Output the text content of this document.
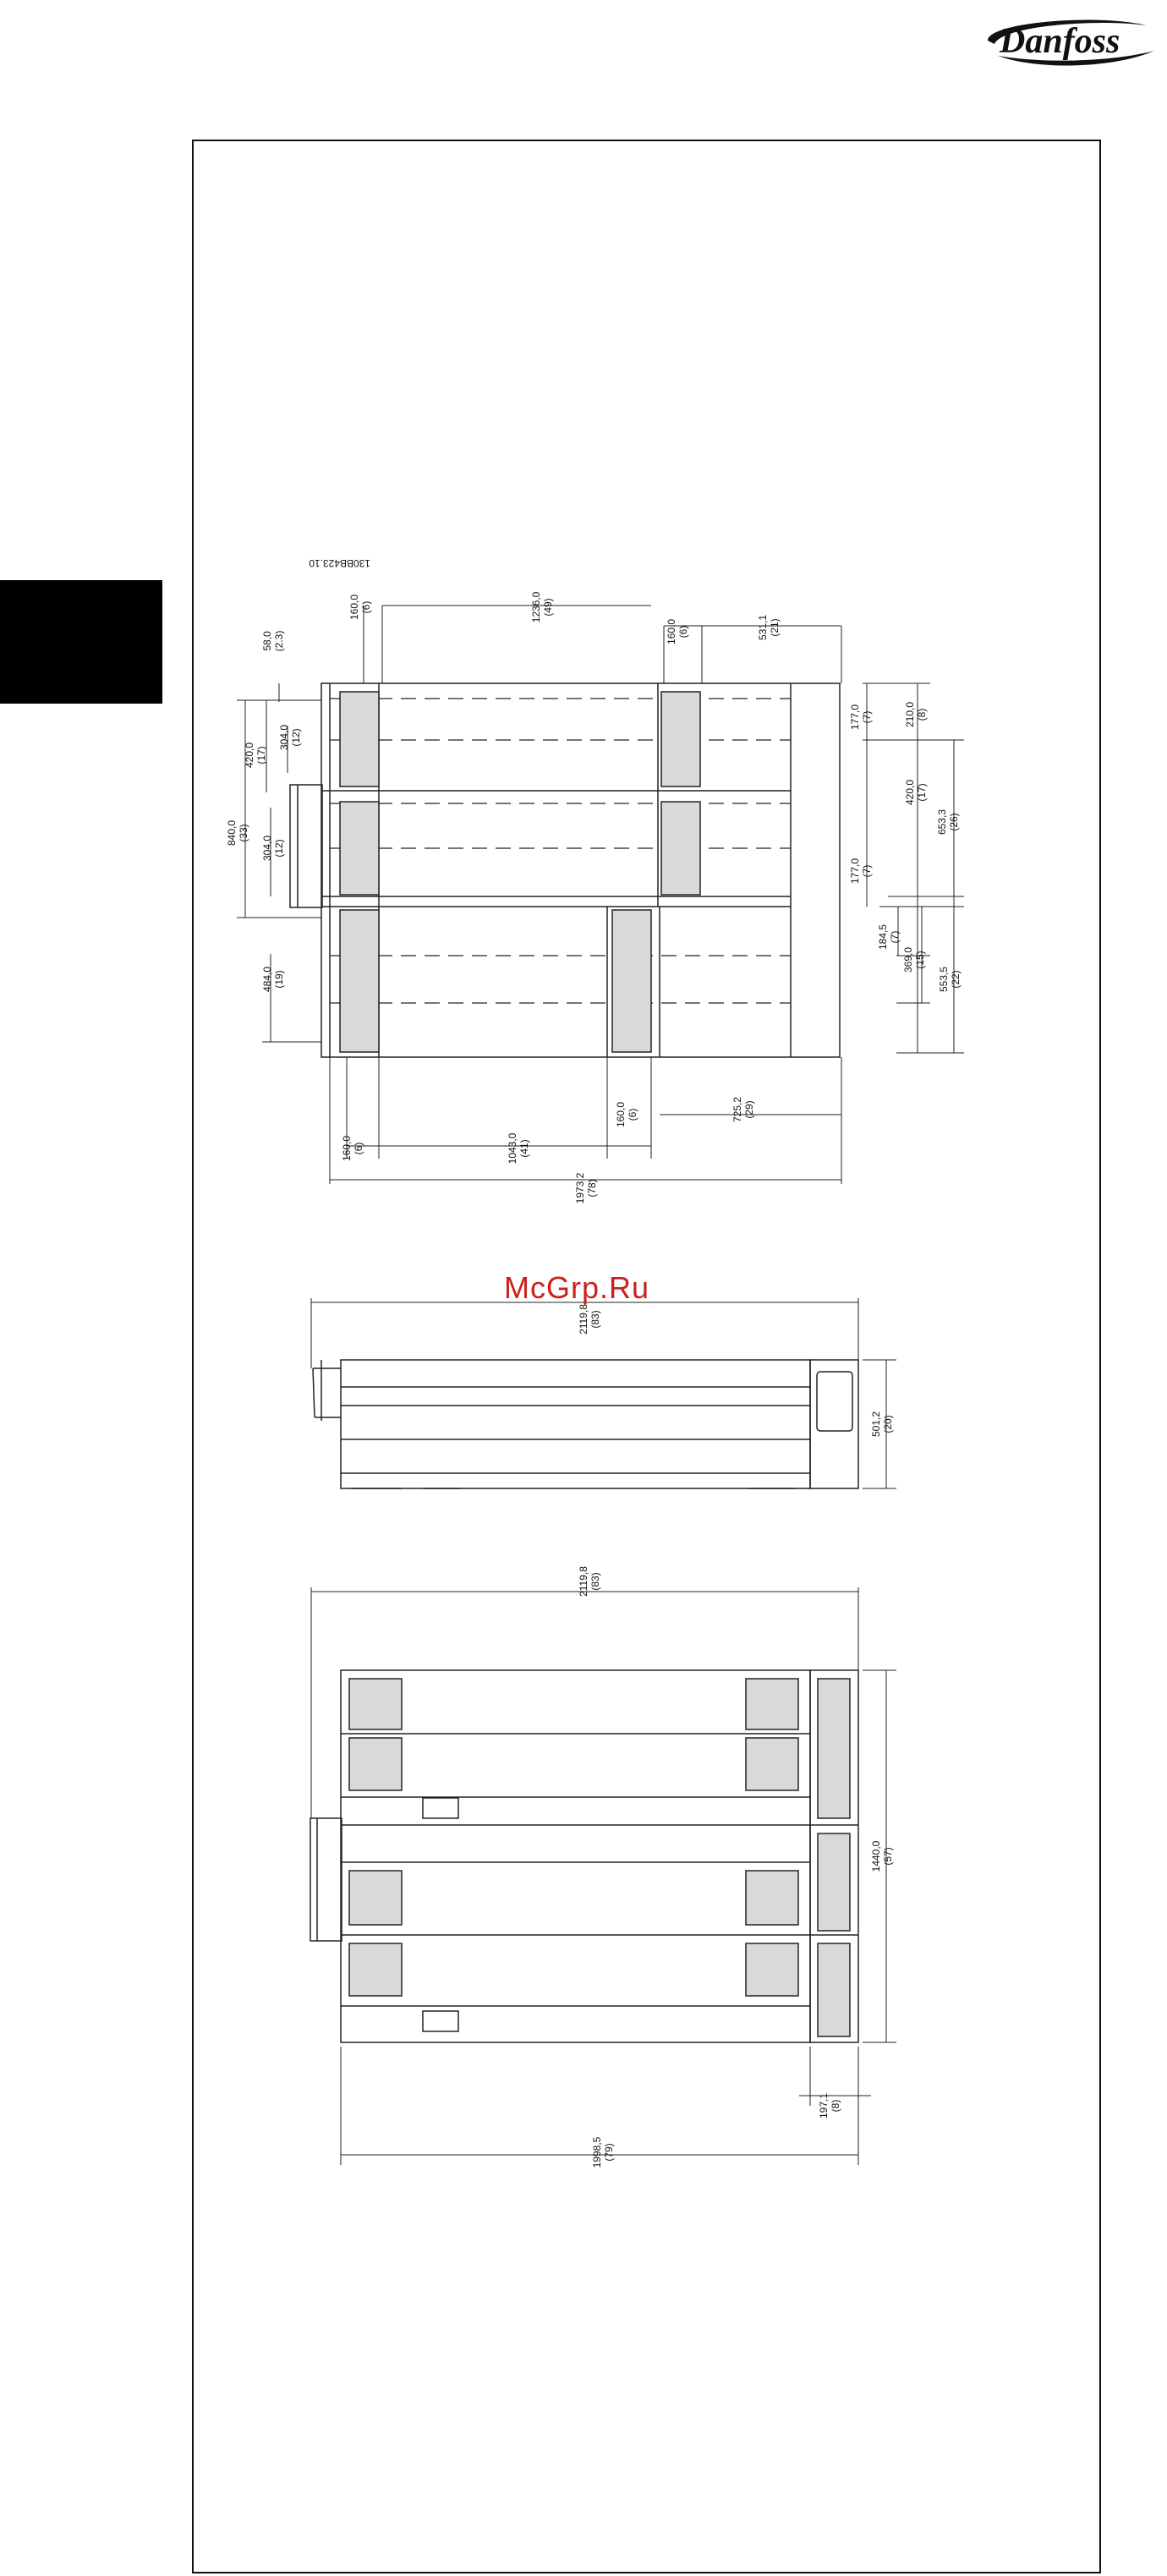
Danfoss
130BB423.10
58,0 (2.3)
160,0 (6)	1236,0 (49)
160,0 (6)	531,1 (21)
304,0 (12)
420,0 (17)
840,0 (33)
304,0 (12)
484,0 (19)
177,0 (7)	210,0 (8)
420,0 (17)
653,3 (26)
177,0 (7)
184,5 (7)
369,0 (15)
553,5 (22)
160,0 (6)	725,2 (29)
160,0 (6)	1043,0 (41)
1973,2 (78)
2119,8 (83)
501,2 (20)
2119,8 (83)
1440,0 (57)
197,1 (8)
1998,5 (79)
McGrp.Ru
